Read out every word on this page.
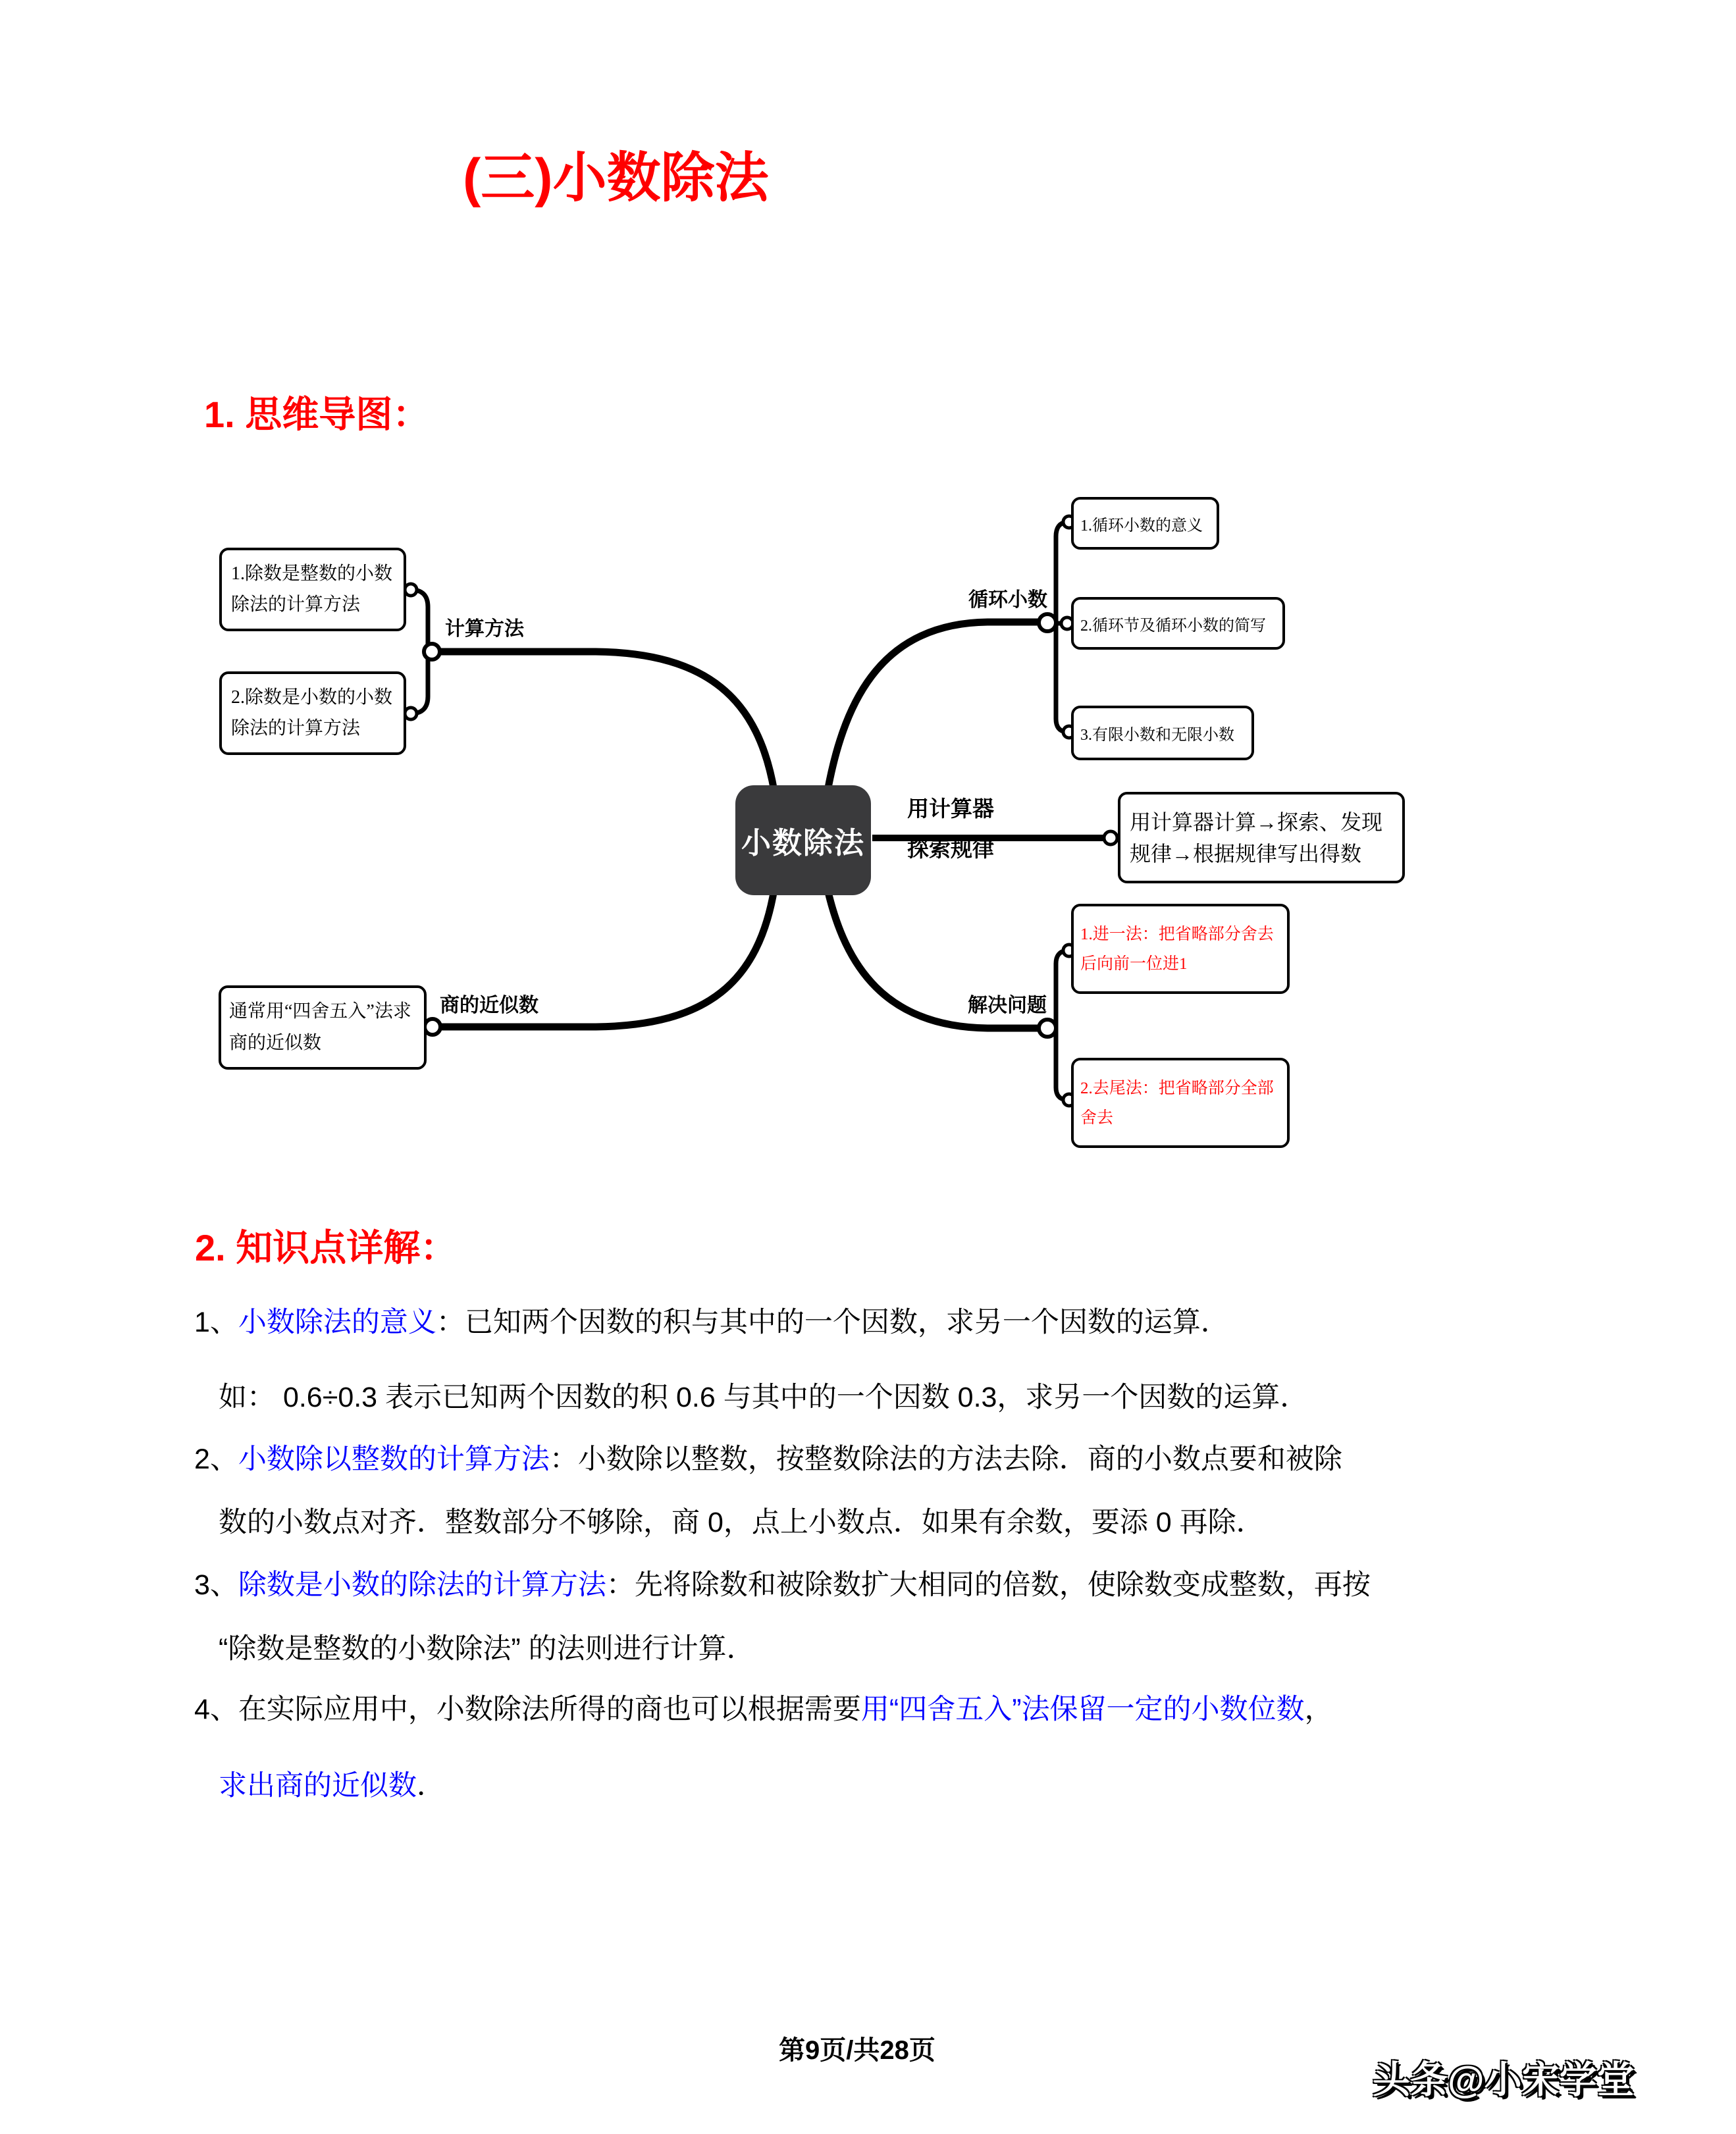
(三)小数除法
1. 思维导图：
小数除法
计算方法
循环小数
用计算器
探索规律
解决问题
商的近似数
1.除数是整数的小数除法的计算方法
2.除数是小数的小数除法的计算方法
1.循环小数的意义
2.循环节及循环小数的简写
3.有限小数和无限小数
用计算器计算→探索、发现规律→根据规律写出得数
1.进一法：把省略部分舍去后向前一位进1
2.去尾法：把省略部分全部舍去
通常用“四舍五入”法求商的近似数
2. 知识点详解：
1、小数除法的意义：已知两个因数的积与其中的一个因数，求另一个因数的运算．
如： 0.6÷0.3 表示已知两个因数的积 0.6 与其中的一个因数 0.3，求另一个因数的运算．
2、小数除以整数的计算方法：小数除以整数，按整数除法的方法去除．商的小数点要和被除
数的小数点对齐．整数部分不够除，商 0，点上小数点．如果有余数，要添 0 再除．
3、除数是小数的除法的计算方法：先将除数和被除数扩大相同的倍数，使除数变成整数，再按
“除数是整数的小数除法” 的法则进行计算．
4、在实际应用中，小数除法所得的商也可以根据需要用“四舍五入”法保留一定的小数位数，
求出商的近似数．
第9页/共28页
头条@小宋学堂
